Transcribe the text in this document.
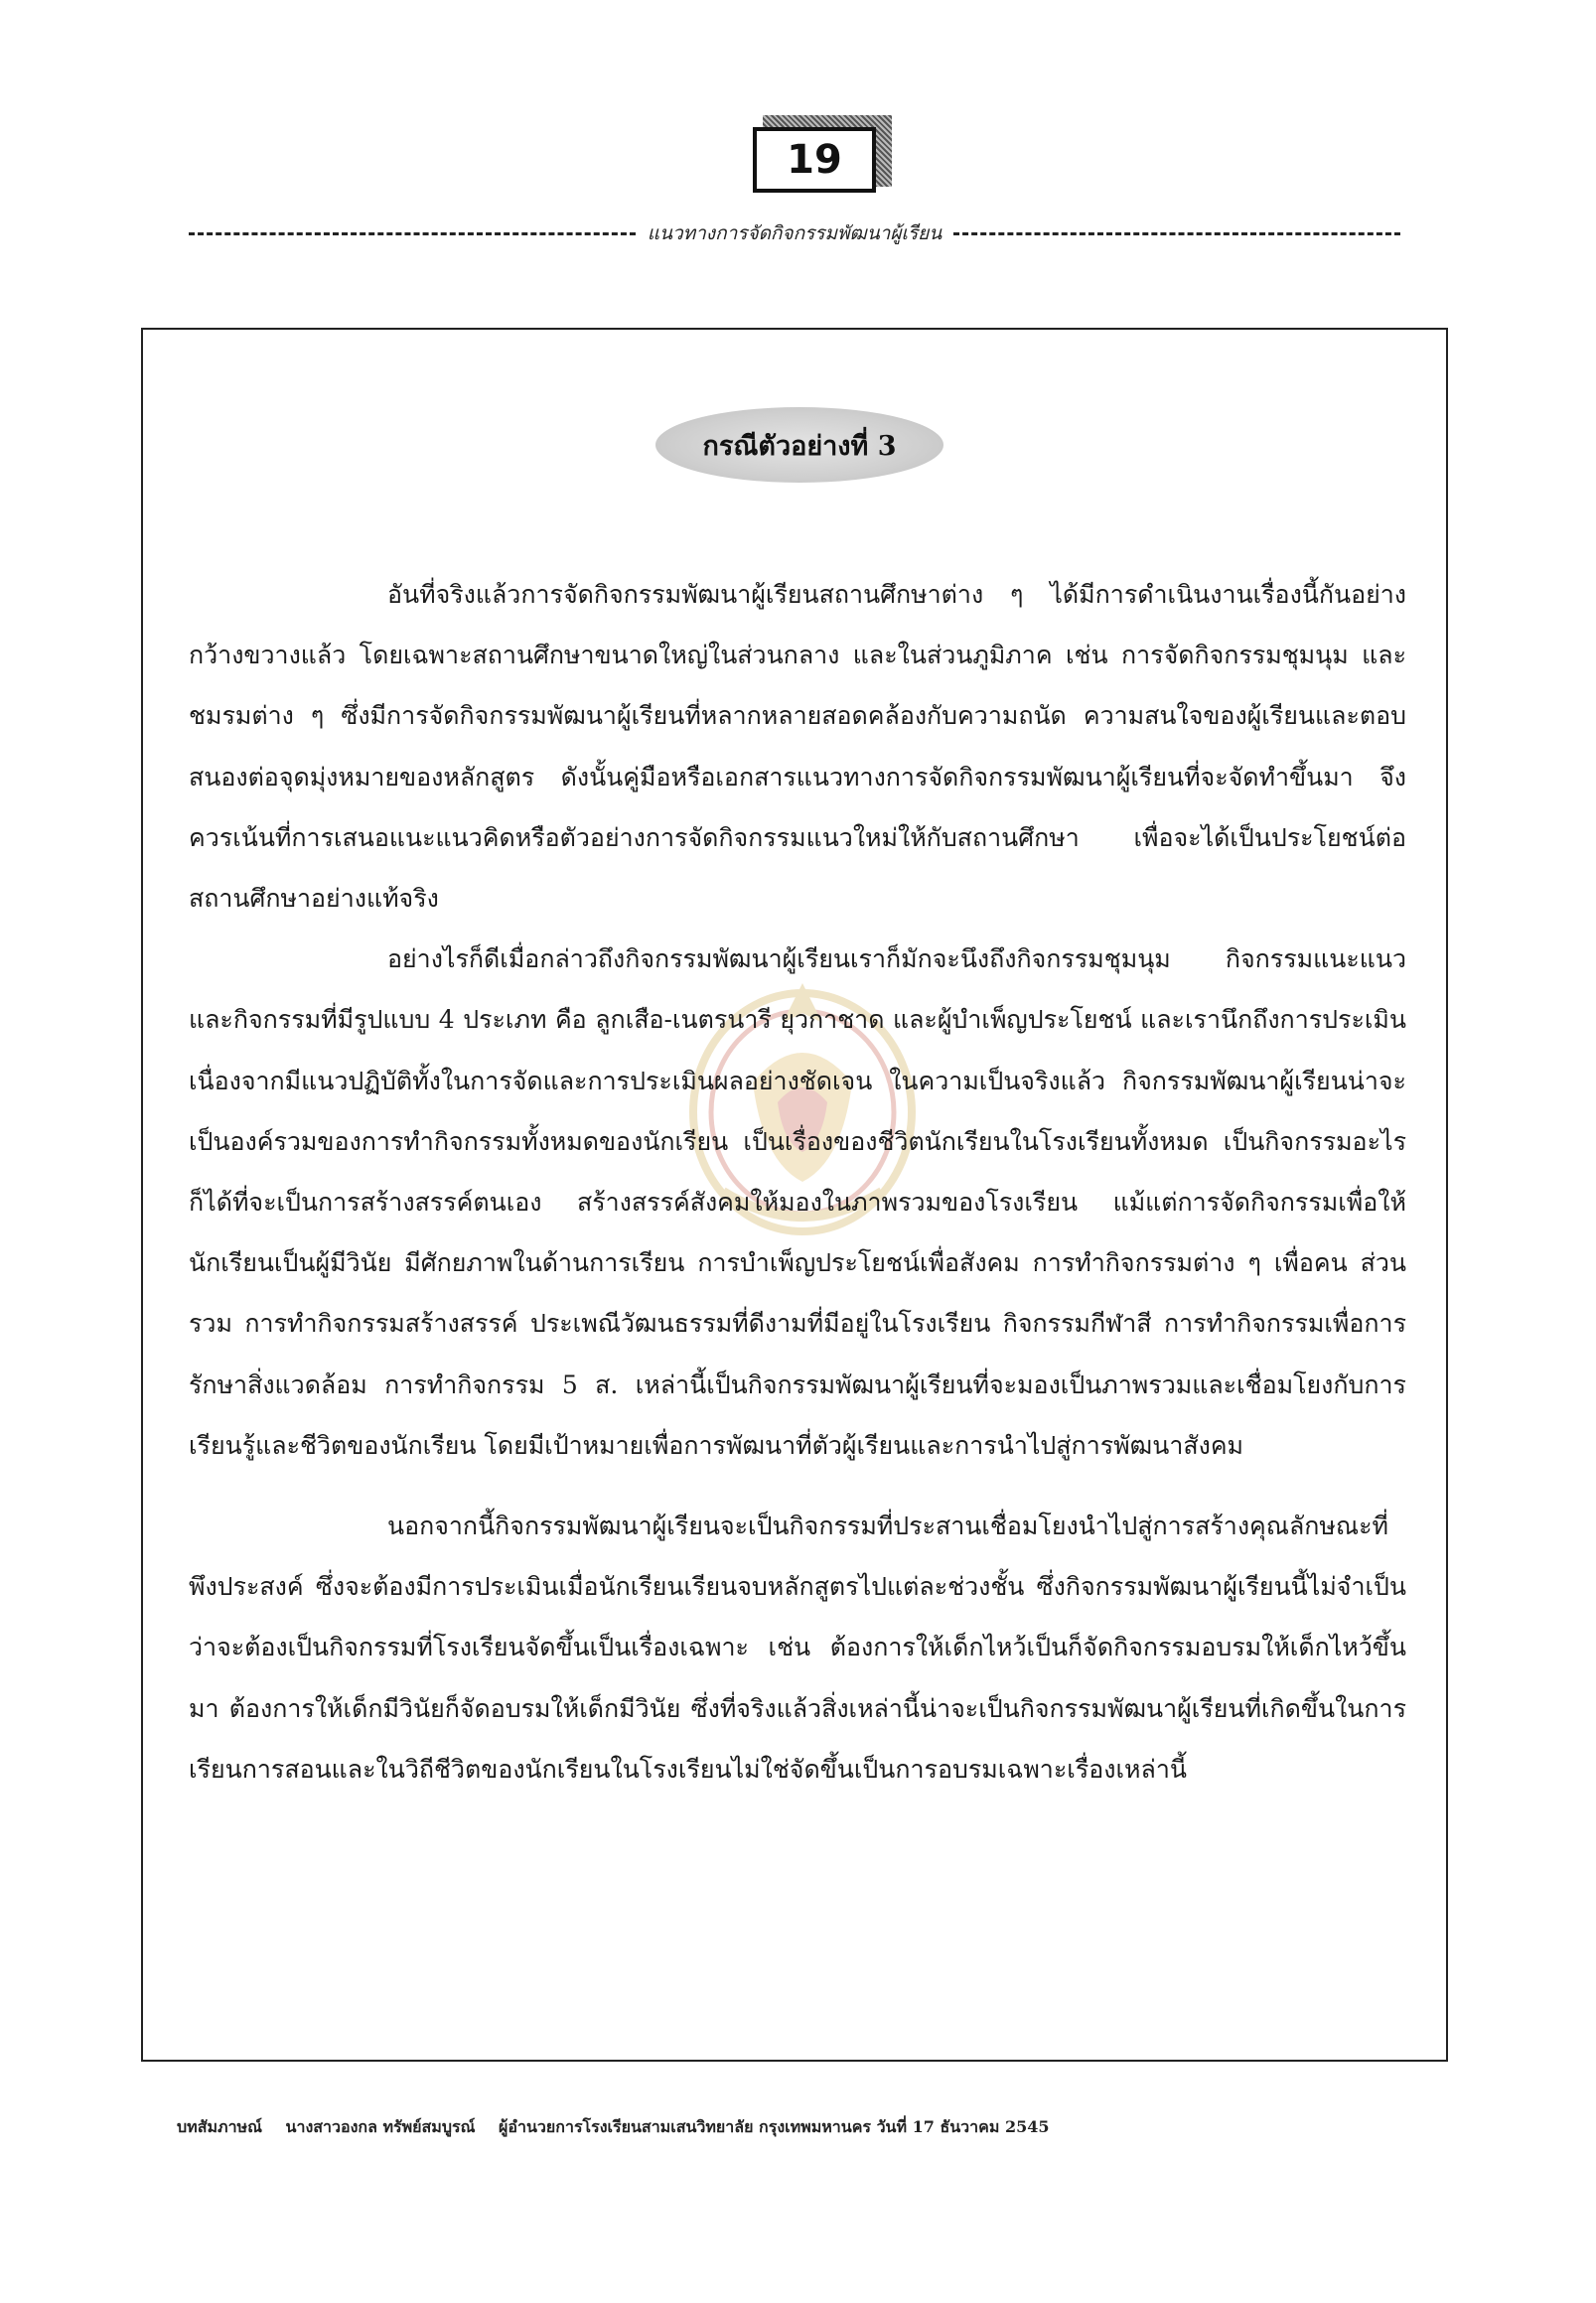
19
แนวทางการจัดกิจกรรมพัฒนาผู้เรียน
กรณีตัวอย่างที่ 3

อันที่จริงแล้วการจัดกิจกรรมพัฒนาผู้เรียนสถานศึกษาต่าง ๆ ได้มีการดำเนินงานเรื่องนี้กันอย่างกว้างขวางแล้ว โดยเฉพาะสถานศึกษาขนาดใหญ่ในส่วนกลาง และในส่วนภูมิภาค เช่น การจัดกิจกรรมชุมนุม และชมรมต่าง ๆ ซึ่งมีการจัดกิจกรรมพัฒนาผู้เรียนที่หลากหลายสอดคล้องกับความถนัด ความสนใจของผู้เรียนและตอบสนองต่อจุดมุ่งหมายของหลักสูตร ดังนั้นคู่มือหรือเอกสารแนวทางการจัดกิจกรรมพัฒนาผู้เรียนที่จะจัดทำขึ้นมา จึงควรเน้นที่การเสนอแนะแนวคิดหรือตัวอย่างการจัดกิจกรรมแนวใหม่ให้กับสถานศึกษา เพื่อจะได้เป็นประโยชน์ต่อสถานศึกษาอย่างแท้จริง

อย่างไรก็ดีเมื่อกล่าวถึงกิจกรรมพัฒนาผู้เรียนเราก็มักจะนึงถึงกิจกรรมชุมนุม กิจกรรมแนะแนว และกิจกรรมที่มีรูปแบบ 4 ประเภท คือ ลูกเสือ-เนตรนารี ยุวกาชาด และผู้บำเพ็ญประโยชน์ และเรานึกถึงการประเมิน เนื่องจากมีแนวปฏิบัติทั้งในการจัดและการประเมินผลอย่างชัดเจน ในความเป็นจริงแล้ว กิจกรรมพัฒนาผู้เรียนน่าจะเป็นองค์รวมของการทำกิจกรรมทั้งหมดของนักเรียน เป็นเรื่องของชีวิตนักเรียนในโรงเรียนทั้งหมด เป็นกิจกรรมอะไรก็ได้ที่จะเป็นการสร้างสรรค์ตนเอง สร้างสรรค์สังคมให้มองในภาพรวมของโรงเรียน แม้แต่การจัดกิจกรรมเพื่อให้นักเรียนเป็นผู้มีวินัย มีศักยภาพในด้านการเรียน การบำเพ็ญประโยชน์เพื่อสังคม การทำกิจกรรมต่าง ๆ เพื่อคน ส่วนรวม การทำกิจกรรมสร้างสรรค์ ประเพณีวัฒนธรรมที่ดีงามที่มีอยู่ในโรงเรียน กิจกรรมกีฬาสี การทำกิจกรรมเพื่อการรักษาสิ่งแวดล้อม การทำกิจกรรม 5 ส. เหล่านี้เป็นกิจกรรมพัฒนาผู้เรียนที่จะมองเป็นภาพรวมและเชื่อมโยงกับการเรียนรู้และชีวิตของนักเรียน โดยมีเป้าหมายเพื่อการพัฒนาที่ตัวผู้เรียนและการนำไปสู่การพัฒนาสังคม

นอกจากนี้กิจกรรมพัฒนาผู้เรียนจะเป็นกิจกรรมที่ประสานเชื่อมโยงนำไปสู่การสร้างคุณลักษณะที่พึงประสงค์ ซึ่งจะต้องมีการประเมินเมื่อนักเรียนเรียนจบหลักสูตรไปแต่ละช่วงชั้น ซึ่งกิจกรรมพัฒนาผู้เรียนนี้ไม่จำเป็นว่าจะต้องเป็นกิจกรรมที่โรงเรียนจัดขึ้นเป็นเรื่องเฉพาะ เช่น ต้องการให้เด็กไหว้เป็นก็จัดกิจกรรมอบรมให้เด็กไหว้ขึ้นมา ต้องการให้เด็กมีวินัยก็จัดอบรมให้เด็กมีวินัย ซึ่งที่จริงแล้วสิ่งเหล่านี้น่าจะเป็นกิจกรรมพัฒนาผู้เรียนที่เกิดขึ้นในการเรียนการสอนและในวิถีชีวิตของนักเรียนในโรงเรียนไม่ใช่จัดขึ้นเป็นการอบรมเฉพาะเรื่องเหล่านี้

บทสัมภาษณ์ นางสาวองกล ทรัพย์สมบูรณ์ ผู้อำนวยการโรงเรียนสามเสนวิทยาลัย กรุงเทพมหานคร วันที่ 17 ธันวาคม 2545
